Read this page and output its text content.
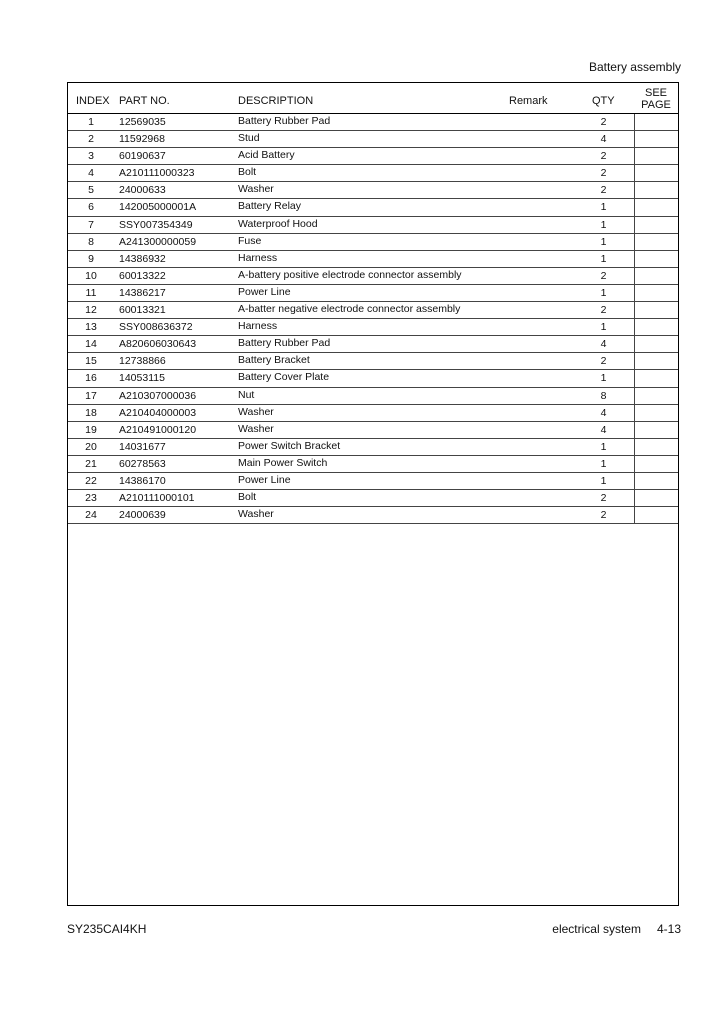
Battery assembly
INDEX PART NO.	DESCRIPTION	Remark	QTY
SEE
PAGE
1	12569035	Battery Rubber Pad	2
2	11592968	Stud	4
3	60190637	Acid Battery	2
4	A210111000323	Bolt	2
5	24000633	Washer	2
6	142005000001A	Battery Relay	1
7	SSY007354349	Waterproof Hood	1
8	A241300000059	Fuse	1
9	14386932	Harness	1
10	60013322	A-battery positive electrode connector assembly	2
11	14386217	Power Line	1
12	60013321	A-batter negative electrode connector assembly	2
13	SSY008636372	Harness	1
14	A820606030643	Battery Rubber Pad	4
15	12738866	Battery Bracket	2
16	14053115	Battery Cover Plate	1
17	A210307000036	Nut	8
18	A210404000003	Washer	4
19	A210491000120	Washer	4
20	14031677	Power Switch Bracket	1
21	60278563	Main Power Switch	1
22	14386170	Power Line	1
23	A210111000101	Bolt	2
24	24000639	Washer	2
SY235CAI4KH	electrical system 4-13
